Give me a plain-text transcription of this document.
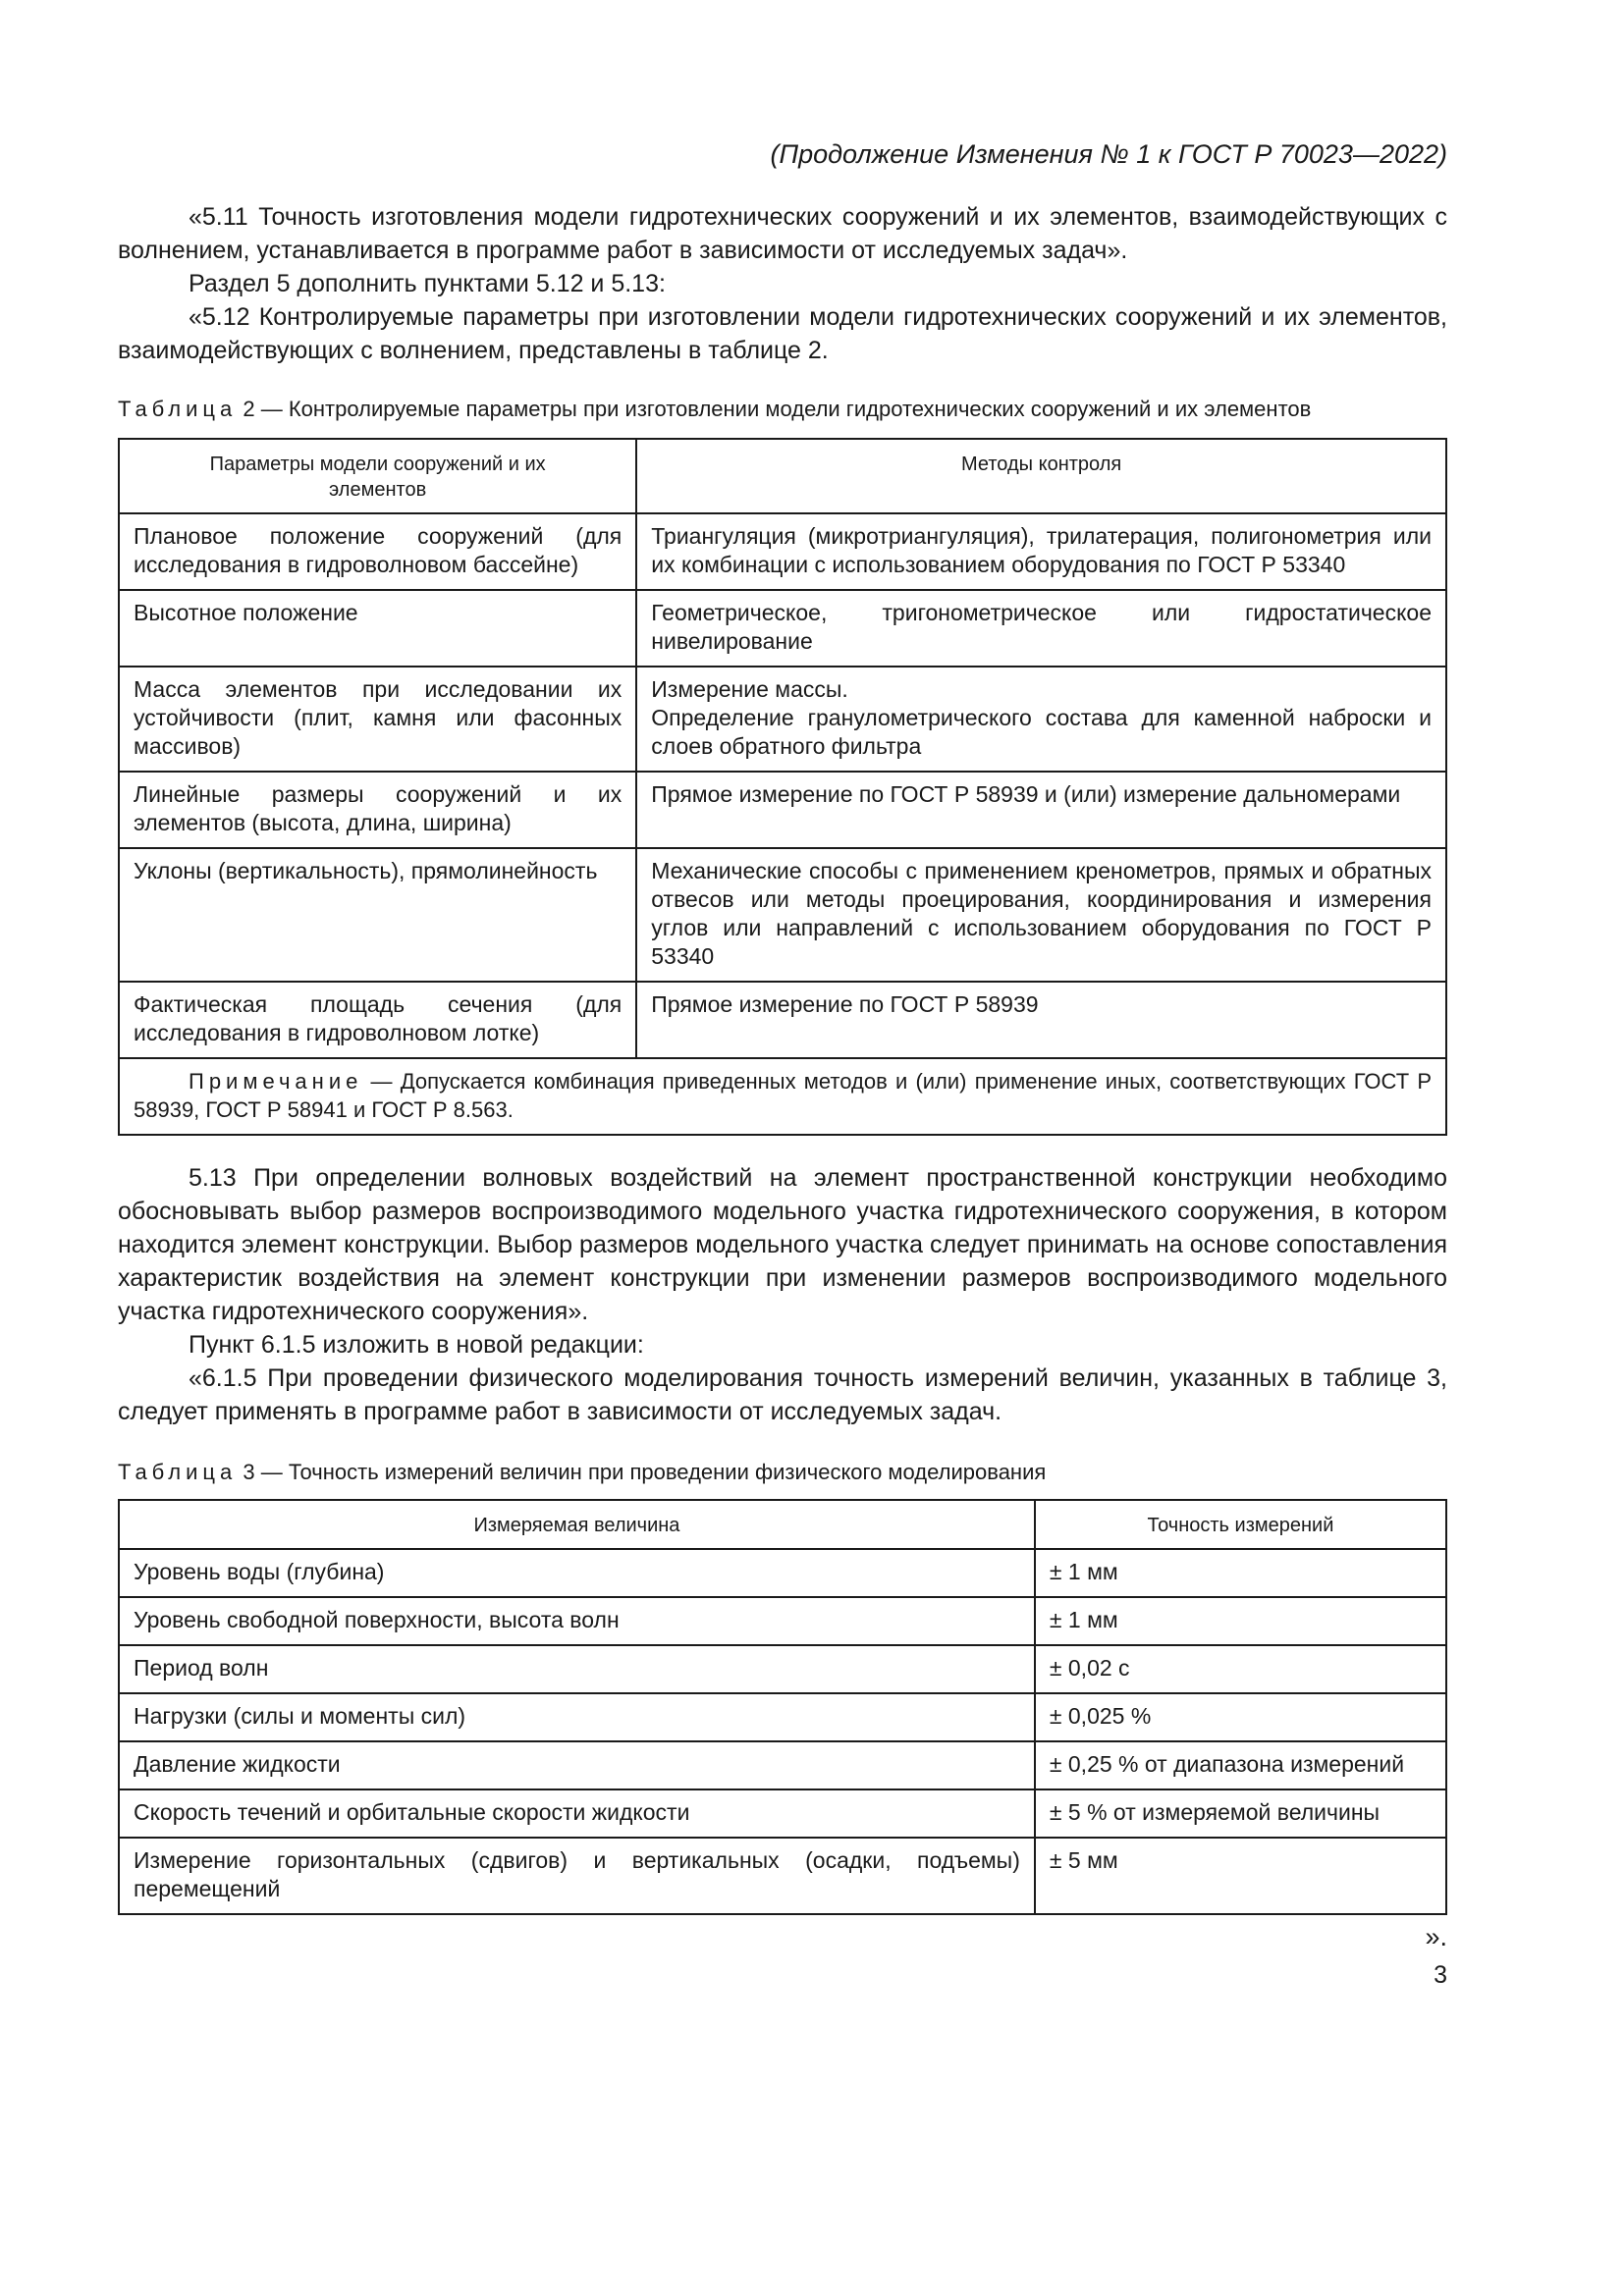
(Продолжение Изменения № 1 к ГОСТ Р 70023—2022)

«5.11 Точность изготовления модели гидротехнических сооружений и их элементов, взаимодействующих с волнением, устанавливается в программе работ в зависимости от исследуемых задач».

Раздел 5 дополнить пунктами 5.12 и 5.13:

«5.12 Контролируемые параметры при изготовлении модели гидротехнических сооружений и их элементов, взаимодействующих с волнением, представлены в таблице 2.

Таблица 2 — Контролируемые параметры при изготовлении модели гидротехнических сооружений и их элементов

Параметры модели сооружений и их элементов
	Методы контроля
Плановое положение сооружений (для исследования в гидроволновом бассейне)	Триангуляция (микротриангуляция), трилатерация, полигонометрия или их комбинации с использованием оборудования по ГОСТ Р 53340
Высотное положение	Геометрическое, тригонометрическое или гидростатическое нивелирование
Масса элементов при исследовании их устойчивости (плит, камня или фасонных массивов)	Измерение массы.
Определение гранулометрического состава для каменной наброски и слоев обратного фильтра
Линейные размеры сооружений и их элементов (высота, длина, ширина)	Прямое измерение по ГОСТ Р 58939 и (или) измерение дальномерами
Уклоны (вертикальность), прямолинейность	Механические способы с применением кренометров, прямых и обратных отвесов или методы проецирования, координирования и измерения углов или направлений с использованием оборудования по ГОСТ Р 53340
Фактическая площадь сечения (для исследования в гидроволновом лотке)	Прямое измерение по ГОСТ Р 58939
Примечание — Допускается комбинация приведенных методов и (или) применение иных, соответствующих ГОСТ Р 58939, ГОСТ Р 58941 и ГОСТ Р 8.563.

5.13 При определении волновых воздействий на элемент пространственной конструкции необходимо обосновывать выбор размеров воспроизводимого модельного участка гидротехнического сооружения, в котором находится элемент конструкции. Выбор размеров модельного участка следует принимать на основе сопоставления характеристик воздействия на элемент конструкции при изменении размеров воспроизводимого модельного участка гидротехнического сооружения».

Пункт 6.1.5 изложить в новой редакции:

«6.1.5 При проведении физического моделирования точность измерений величин, указанных в таблице 3, следует применять в программе работ в зависимости от исследуемых задач.

Таблица 3 — Точность измерений величин при проведении физического моделирования

Измеряемая величина	Точность измерений
Уровень воды (глубина)	± 1 мм
Уровень свободной поверхности, высота волн	± 1 мм
Период волн	± 0,02 с
Нагрузки (силы и моменты сил)	± 0,025 %
Давление жидкости	± 0,25 % от диапазона измерений
Скорость течений и орбитальные скорости жидкости	± 5 % от измеряемой величины
Измерение горизонтальных (сдвигов) и вертикальных (осадки, подъемы) перемещений	± 5 мм
».
3
